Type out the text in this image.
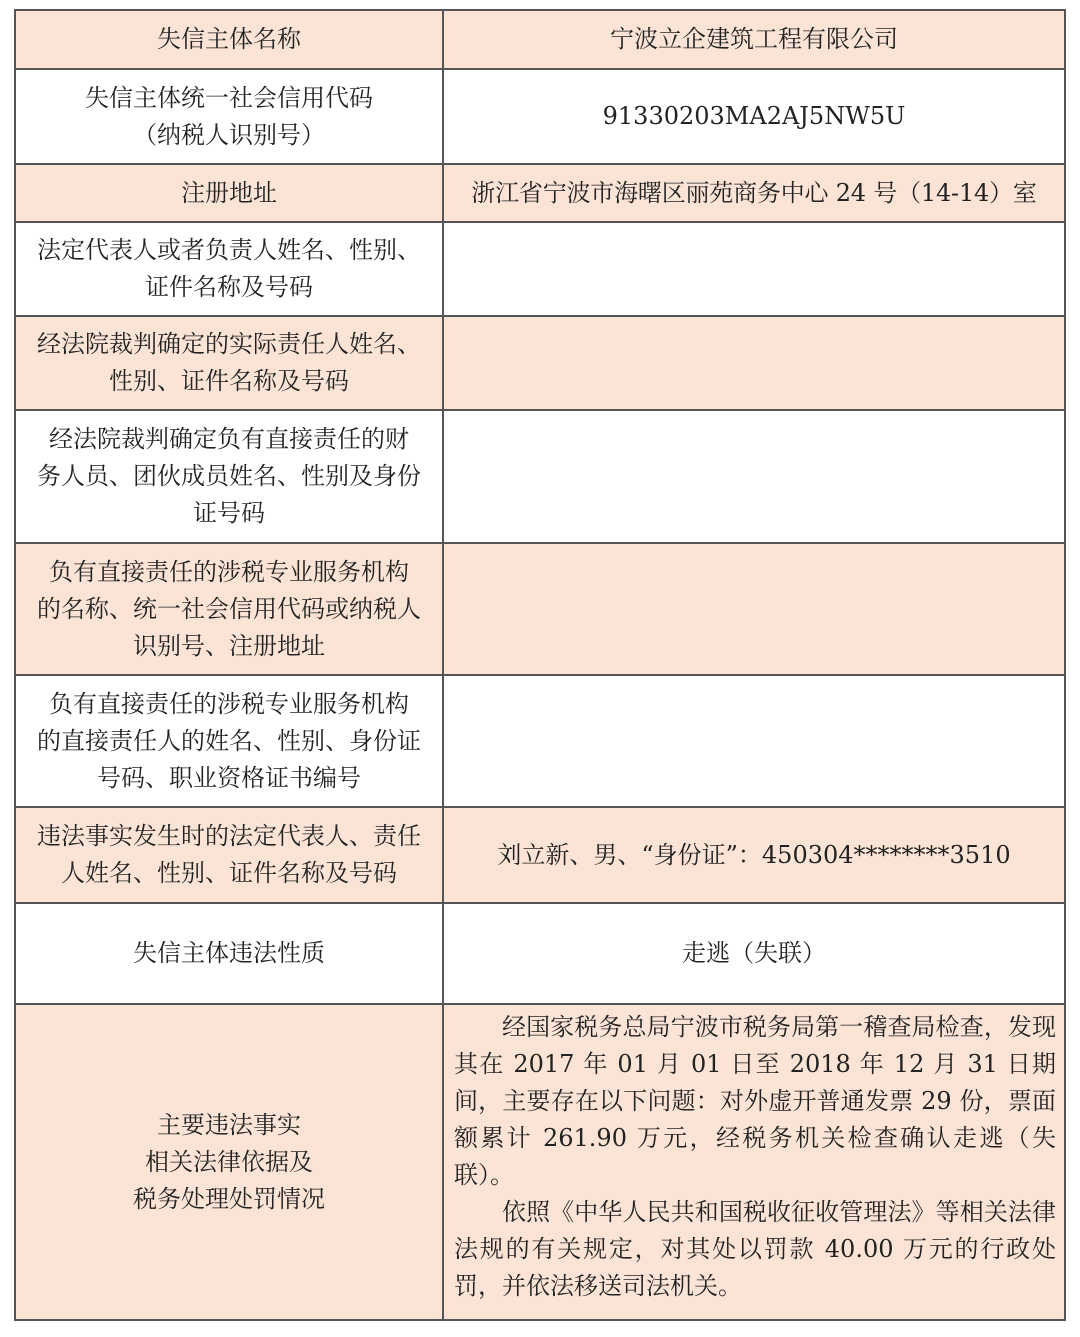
失信主体名称	宁波立企建筑工程有限公司

失信主体统一社会信用代码
（纳税人识别号）	91330203MA2AJ5NW5U

注册地址	浙江省宁波市海曙区丽苑商务中心 24 号（14-14）室

法定代表人或者负责人姓名、性别、
证件名称及号码	

经法院裁判确定的实际责任人姓名、
性别、证件名称及号码	

经法院裁判确定负有直接责任的财
务人员、团伙成员姓名、性别及身份
证号码	

负有直接责任的涉税专业服务机构
的名称、统一社会信用代码或纳税人
识别号、注册地址	

负有直接责任的涉税专业服务机构
的直接责任人的姓名、性别、身份证
号码、职业资格证书编号	

违法事实发生时的法定代表人、责任
人姓名、性别、证件名称及号码	刘立新、男、“身份证”：450304********3510

失信主体违法性质	走逃（失联）

主要违法事实
相关法律依据及
税务处理处罚情况	经国家税务总局宁波市税务局第一稽查局检查，发现其在 2017 年 01 月 01 日至 2018 年 12 月 31 日期间，主要存在以下问题：对外虚开普通发票 29 份，票面额累计 261.90 万元，经税务机关检查确认走逃（失联）。
依照《中华人民共和国税收征收管理法》等相关法律法规的有关规定，对其处以罚款 40.00 万元的行政处罚，并依法移送司法机关。
